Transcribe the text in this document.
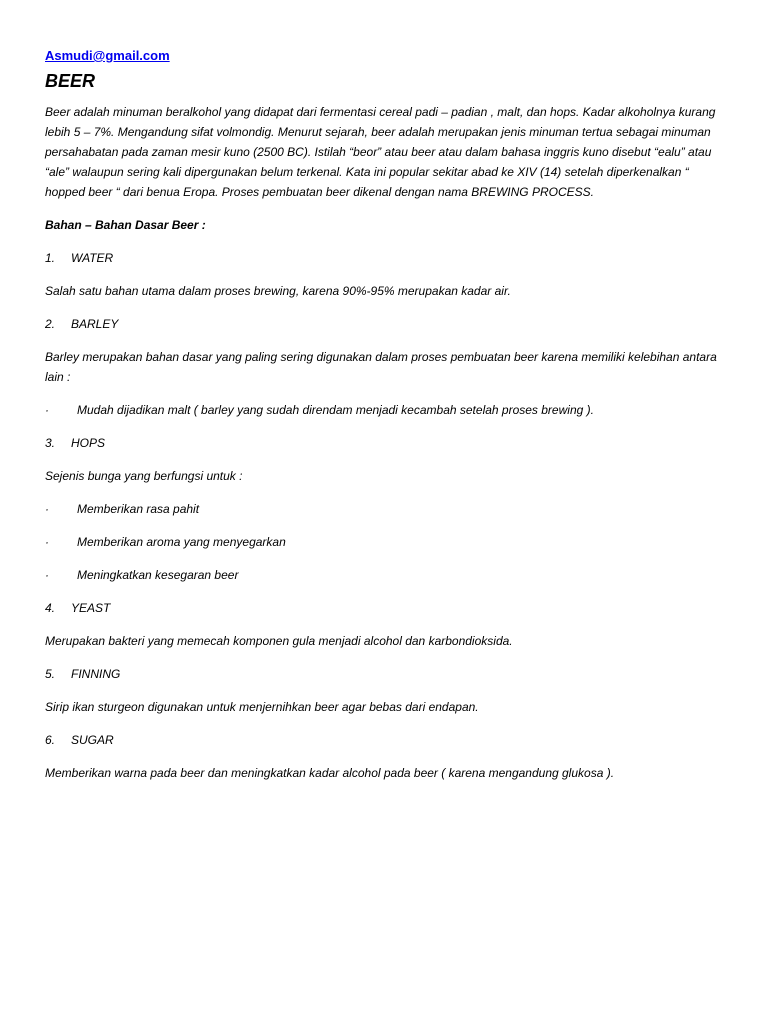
Asmudi@gmail.com
BEER

Beer adalah minuman beralkohol yang didapat dari fermentasi cereal padi – padian , malt, dan hops. Kadar alkoholnya kurang lebih 5 – 7%. Mengandung sifat volmondig. Menurut sejarah, beer adalah merupakan jenis minuman tertua sebagai minuman persahabatan pada zaman mesir kuno (2500 BC). Istilah “beor” atau beer atau dalam bahasa inggris kuno disebut “ealu” atau “ale” walaupun sering kali dipergunakan belum terkenal. Kata ini popular sekitar abad ke XIV (14) setelah diperkenalkan “ hopped beer “ dari benua Eropa. Proses pembuatan beer dikenal dengan nama BREWING PROCESS.

Bahan – Bahan Dasar Beer :

1. WATER

Salah satu bahan utama dalam proses brewing, karena 90%-95% merupakan kadar air.

2. BARLEY

Barley merupakan bahan dasar yang paling sering digunakan dalam proses pembuatan beer karena memiliki kelebihan antara lain :

· Mudah dijadikan malt ( barley yang sudah direndam menjadi kecambah setelah proses brewing ).

3. HOPS

Sejenis bunga yang berfungsi untuk :

· Memberikan rasa pahit

· Memberikan aroma yang menyegarkan

· Meningkatkan kesegaran beer

4. YEAST

Merupakan bakteri yang memecah komponen gula menjadi alcohol dan karbondioksida.

5. FINNING

Sirip ikan sturgeon digunakan untuk menjernihkan beer agar bebas dari endapan.

6. SUGAR

Memberikan warna pada beer dan meningkatkan kadar alcohol pada beer ( karena mengandung glukosa ).
